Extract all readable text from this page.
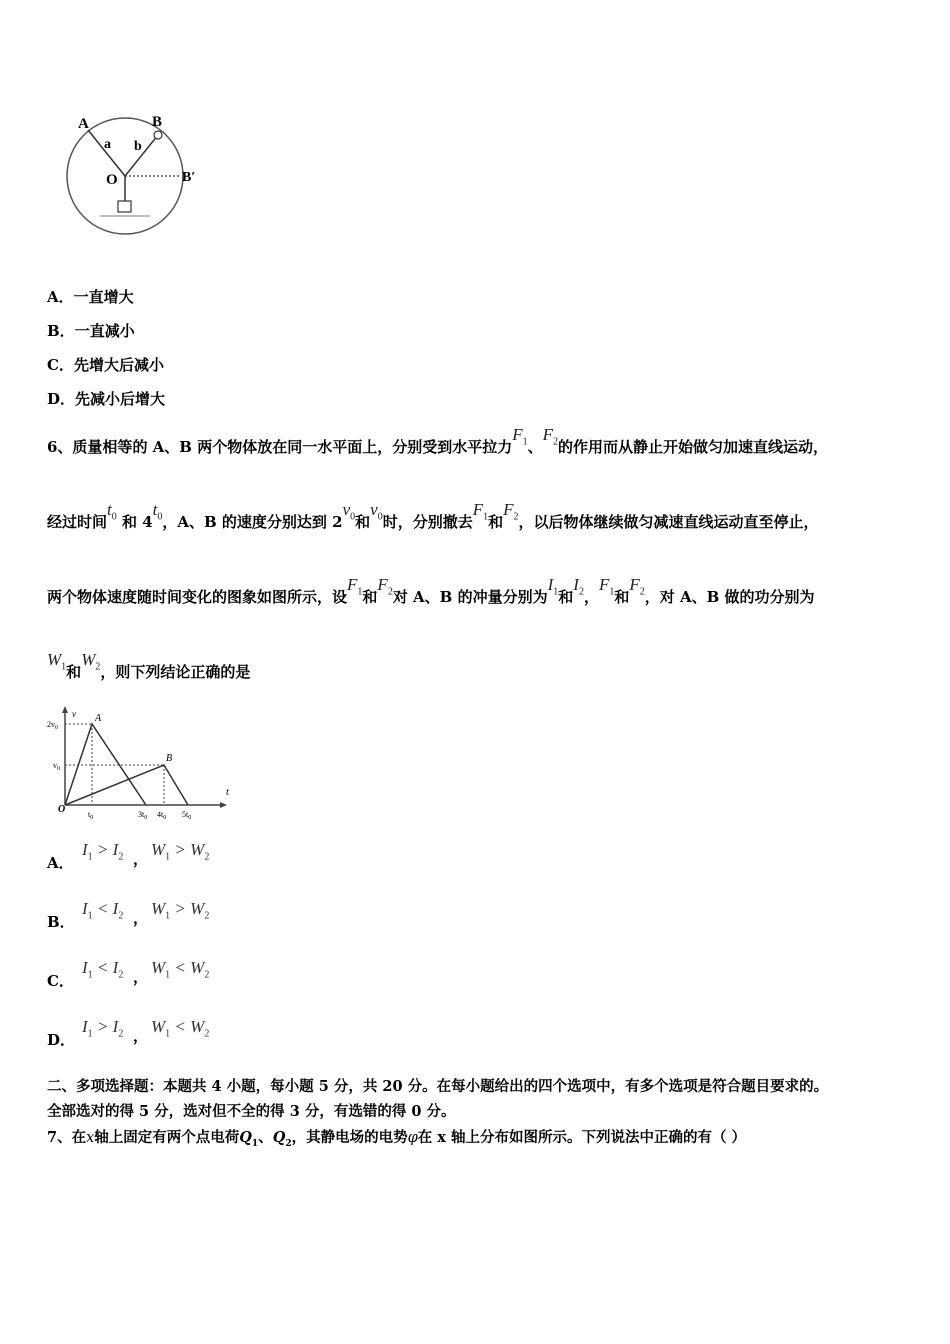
A
a
B
b
O	B′
A．一直增大
B．一直减小
C．先增大后减小
D．先减小后增大
6、质量相等的 A、B 两个物体放在同一水平面上，分别受到水平拉力$F_1$、$F_2$的作用而从静止开始做匀加速直线运动，
经过时间$t_0$ 和 $4t_0$，A、B 的速度分别达到 $2v_0$和$v_0$时，分别撤去$F_1$和$F_2$，以后物体继续做匀减速直线运动直至停止，
两个物体速度随时间变化的图象如图所示，设$F_1$和$F_2$对 A、B 的冲量分别为$I_1$和$I_2$，$F_1$和$F_2$，对 A、B 做的功分别为
$W_1$和$W_2$，则下列结论正确的是
v
t
$2v_0$
$v_0$
O
A
B
$t_0$	$3t_0$ $4t_0$ $5t_0$
A．
$I_1 > I_2$ ， $W_1 > W_2$
B．
$I_1 < I_2$ ， $W_1 > W_2$
C．
$I_1 < I_2$ ， $W_1 < W_2$
D．
$I_1 > I_2$ ， $W_1 < W_2$
二、多项选择题：本题共 4 小题，每小题 5 分，共 20 分。在每小题给出的四个选项中，有多个选项是符合题目要求的。
全部选对的得 5 分，选对但不全的得 3 分，有选错的得 0 分。
7、在x轴上固定有两个点电荷$Q_1$、$Q_2$，其静电场的电势φ在 x 轴上分布如图所示。下列说法中正确的有（ ）
